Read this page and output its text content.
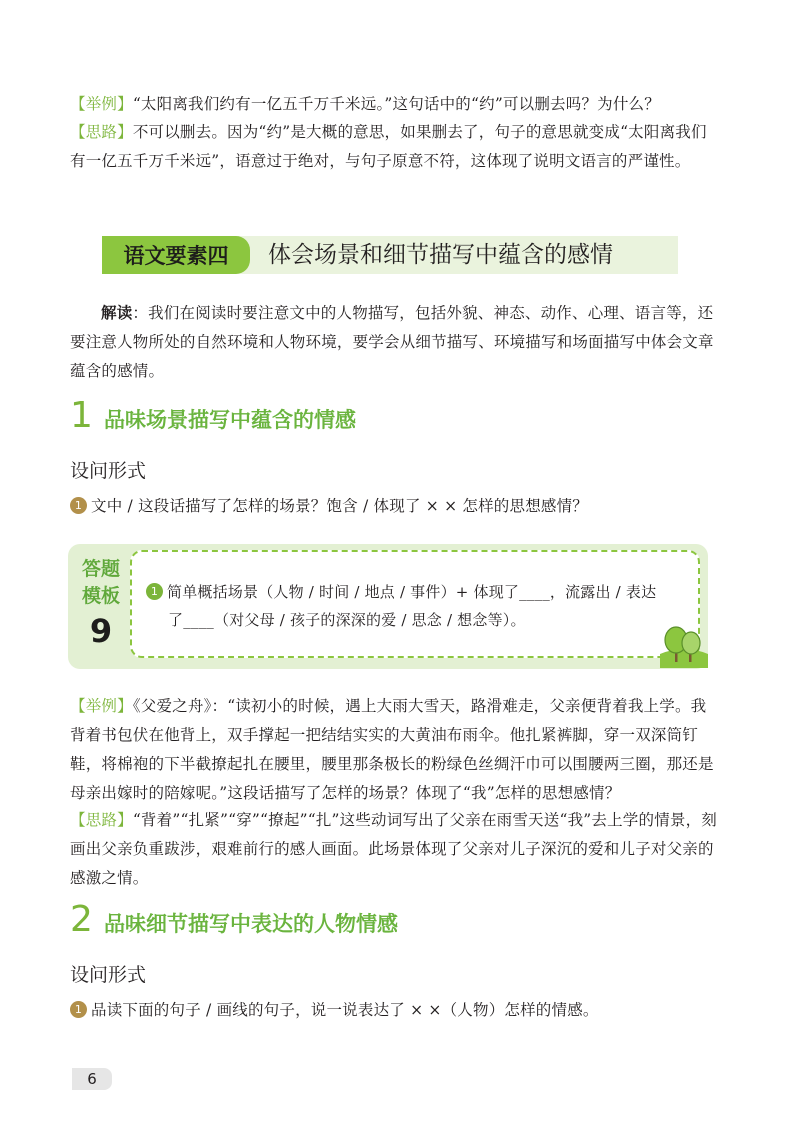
【举例】“太阳离我们约有一亿五千万千米远。”这句话中的“约”可以删去吗？为什么？
【思路】不可以删去。因为“约”是大概的意思，如果删去了，句子的意思就变成“太阳离我们有一亿五千万千米远”，语意过于绝对，与句子原意不符，这体现了说明文语言的严谨性。
语文要素四	体会场景和细节描写中蕴含的感情
解读：我们在阅读时要注意文中的人物描写，包括外貌、神态、动作、心理、语言等，还要注意人物所处的自然环境和人物环境，要学会从细节描写、环境描写和场面描写中体会文章蕴含的感情。
1 品味场景描写中蕴含的情感
设问形式
1 文中 / 这段话描写了怎样的场景？饱含 / 体现了 × × 怎样的思想感情？
答题
模板
9
1 简单概括场景（人物 / 时间 / 地点 / 事件）+ 体现了____，流露出 / 表达
了____（对父母 / 孩子的深深的爱 / 思念 / 想念等）。
【举例】《父爱之舟》：“读初小的时候，遇上大雨大雪天，路滑难走，父亲便背着我上学。我背着书包伏在他背上，双手撑起一把结结实实的大黄油布雨伞。他扎紧裤脚，穿一双深筒钉鞋，将棉袍的下半截撩起扎在腰里，腰里那条极长的粉绿色丝绸汗巾可以围腰两三圈，那还是母亲出嫁时的陪嫁呢。”这段话描写了怎样的场景？体现了“我”怎样的思想感情？
【思路】“背着”“扎紧”“穿”“撩起”“扎”这些动词写出了父亲在雨雪天送“我”去上学的情景，刻画出父亲负重跋涉，艰难前行的感人画面。此场景体现了父亲对儿子深沉的爱和儿子对父亲的感激之情。
2 品味细节描写中表达的人物情感
设问形式
1 品读下面的句子 / 画线的句子，说一说表达了 × ×（人物）怎样的情感。
6
